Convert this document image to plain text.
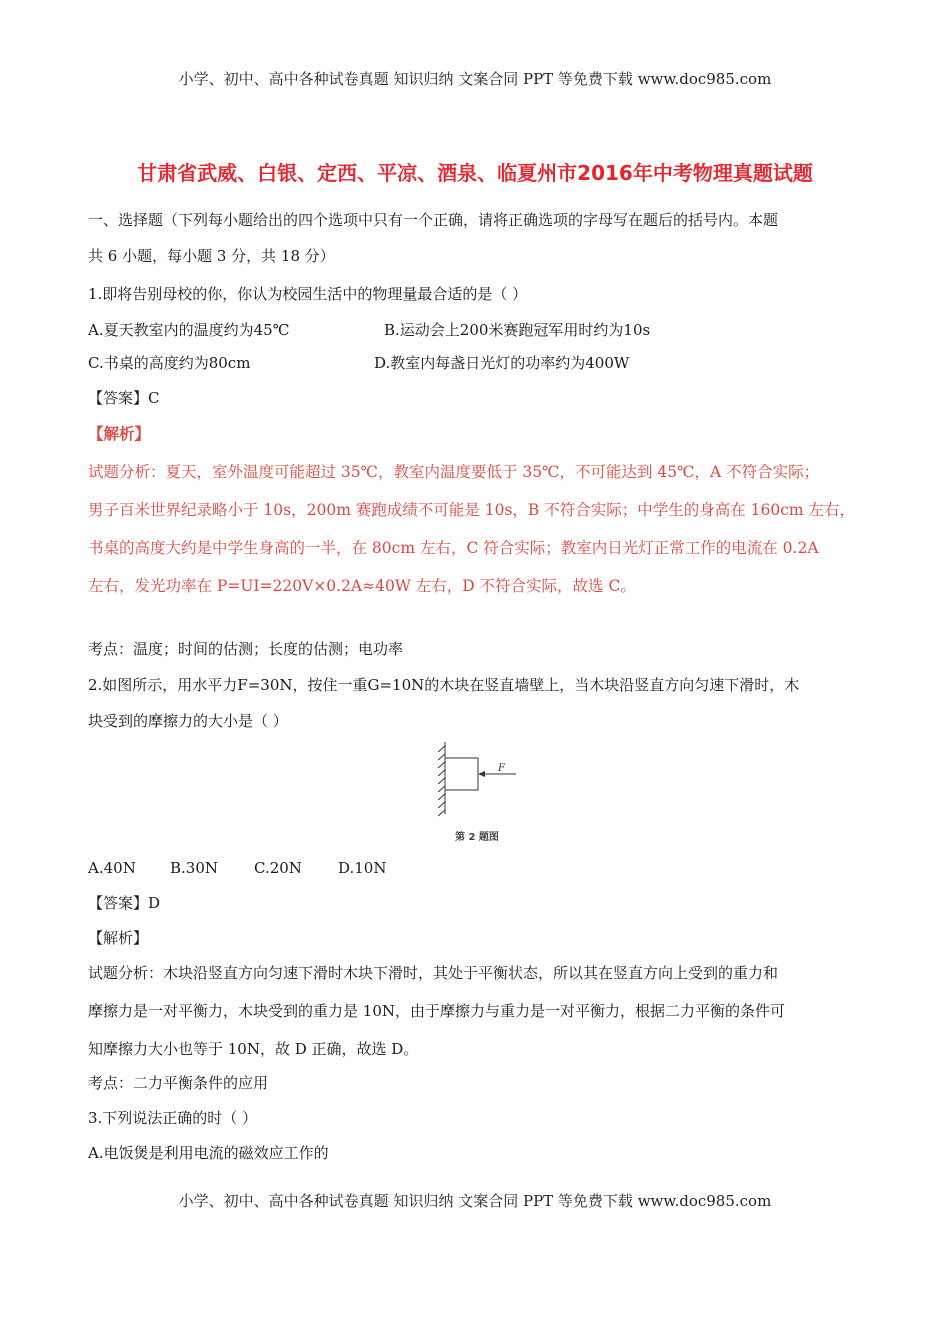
小学、初中、高中各种试卷真题 知识归纳 文案合同 PPT 等免费下载 www.doc985.com
甘肃省武威、白银、定西、平凉、酒泉、临夏州市2016年中考物理真题试题
一、选择题（下列每小题给出的四个选项中只有一个正确，请将正确选项的字母写在题后的括号内。本题
共 6 小题，每小题 3 分，共 18 分）
1.即将告别母校的你，你认为校园生活中的物理量最合适的是（ ）
A.夏天教室内的温度约为45℃	B.运动会上200米赛跑冠军用时约为10s
C.书桌的高度约为80cm	D.教室内每盏日光灯的功率约为400W
【答案】C
【解析】
试题分析：夏天，室外温度可能超过 35℃，教室内温度要低于 35℃，不可能达到 45℃，A 不符合实际；
男子百米世界纪录略小于 10s，200m 赛跑成绩不可能是 10s，B 不符合实际；中学生的身高在 160cm 左右，
书桌的高度大约是中学生身高的一半，在 80cm 左右，C 符合实际；教室内日光灯正常工作的电流在 0.2A
左右，发光功率在 P=UI=220V×0.2A≈40W 左右，D 不符合实际，故选 C。
考点：温度；时间的估测；长度的估测；电功率
2.如图所示，用水平力F=30N，按住一重G=10N的木块在竖直墙壁上，当木块沿竖直方向匀速下滑时，木
块受到的摩擦力的大小是（ ）
F
第 2 题图
A.40N B.30N C.20N D.10N
【答案】D
【解析】
试题分析：木块沿竖直方向匀速下滑时木块下滑时，其处于平衡状态，所以其在竖直方向上受到的重力和
摩擦力是一对平衡力，木块受到的重力是 10N，由于摩擦力与重力是一对平衡力，根据二力平衡的条件可
知摩擦力大小也等于 10N，故 D 正确，故选 D。
考点：二力平衡条件的应用
3.下列说法正确的时（ ）
A.电饭煲是利用电流的磁效应工作的
小学、初中、高中各种试卷真题 知识归纳 文案合同 PPT 等免费下载 www.doc985.com
